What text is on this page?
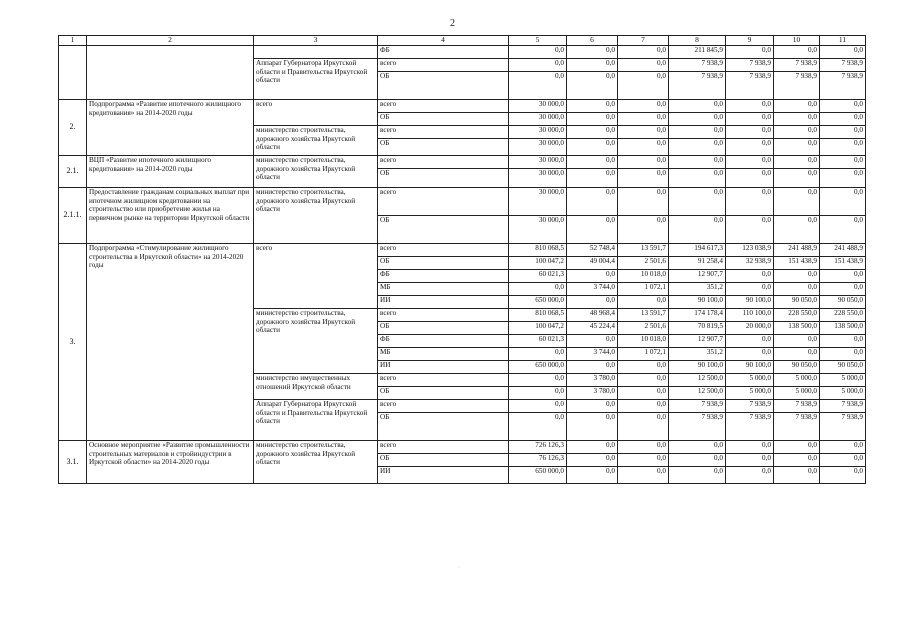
2
1	2	3	4	5	6	7	8	9	10	11
			ФБ	0,0	0,0	0,0	211 845,9	0,0	0,0	0,0
		Аппарат Губернатора Иркутской области и Правительства Иркутской области	всего	0,0	0,0	0,0	7 938,9	7 938,9	7 938,9	7 938,9
			ОБ	0,0	0,0	0,0	7 938,9	7 938,9	7 938,9	7 938,9
2.	Подпрограмма «Развитие ипотечного жилищного кредитования» на 2014-2020 годы	всего	всего	30 000,0	0,0	0,0	0,0	0,0	0,0	0,0
			ОБ	30 000,0	0,0	0,0	0,0	0,0	0,0	0,0
		министерство строительства, дорожного хозяйства Иркутской области	всего	30 000,0	0,0	0,0	0,0	0,0	0,0	0,0
			ОБ	30 000,0	0,0	0,0	0,0	0,0	0,0	0,0
2.1.	ВЦП «Развитие ипотечного жилищного кредитования» на 2014-2020 годы	министерство строительства, дорожного хозяйства Иркутской области	всего	30 000,0	0,0	0,0	0,0	0,0	0,0	0,0
			ОБ	30 000,0	0,0	0,0	0,0	0,0	0,0	0,0
2.1.1.	Предоставление гражданам социальных выплат при ипотечном жилищном кредитовании на строительство или приобретение жилья на первичном рынке на территории Иркутской области	министерство строительства, дорожного хозяйства Иркутской области	всего	30 000,0	0,0	0,0	0,0	0,0	0,0	0,0
			ОБ	30 000,0	0,0	0,0	0,0	0,0	0,0	0,0
3.	Подпрограмма «Стимулирование жилищного строительства в Иркутской области» на 2014-2020 годы	всего	всего	810 068,5	52 748,4	13 591,7	194 617,3	123 038,9	241 488,9	241 488,9
			ОБ	100 047,2	49 004,4	2 501,6	91 258,4	32 938,9	151 438,9	151 438,9
			ФБ	60 021,3	0,0	10 018,0	12 907,7	0,0	0,0	0,0
			МБ	0,0	3 744,0	1 072,1	351,2	0,0	0,0	0,0
			ИИ	650 000,0	0,0	0,0	90 100,0	90 100,0	90 050,0	90 050,0
		министерство строительства, дорожного хозяйства Иркутской области	всего	810 068,5	48 968,4	13 591,7	174 178,4	110 100,0	228 550,0	228 550,0
			ОБ	100 047,2	45 224,4	2 501,6	70 819,5	20 000,0	138 500,0	138 500,0
			ФБ	60 021,3	0,0	10 018,0	12 907,7	0,0	0,0	0,0
			МБ	0,0	3 744,0	1 072,1	351,2	0,0	0,0	0,0
			ИИ	650 000,0	0,0	0,0	90 100,0	90 100,0	90 050,0	90 050,0
		министерство имущественных отношений Иркутской области	всего	0,0	3 780,0	0,0	12 500,0	5 000,0	5 000,0	5 000,0
			ОБ	0,0	3 780,0	0,0	12 500,0	5 000,0	5 000,0	5 000,0
		Аппарат Губернатора Иркутской области и Правительства Иркутской области	всего	0,0	0,0	0,0	7 938,9	7 938,9	7 938,9	7 938,9
			ОБ	0,0	0,0	0,0	7 938,9	7 938,9	7 938,9	7 938,9
3.1.	Основное мероприятие «Развитие промышленности строительных материалов и стройиндустрии в Иркутской области» на 2014-2020 годы	министерство строительства, дорожного хозяйства Иркутской области	всего	726 126,3	0,0	0,0	0,0	0,0	0,0	0,0
			ОБ	76 126,3	0,0	0,0	0,0	0,0	0,0	0,0
			ИИ	650 000,0	0,0	0,0	0,0	0,0	0,0	0,0
·
